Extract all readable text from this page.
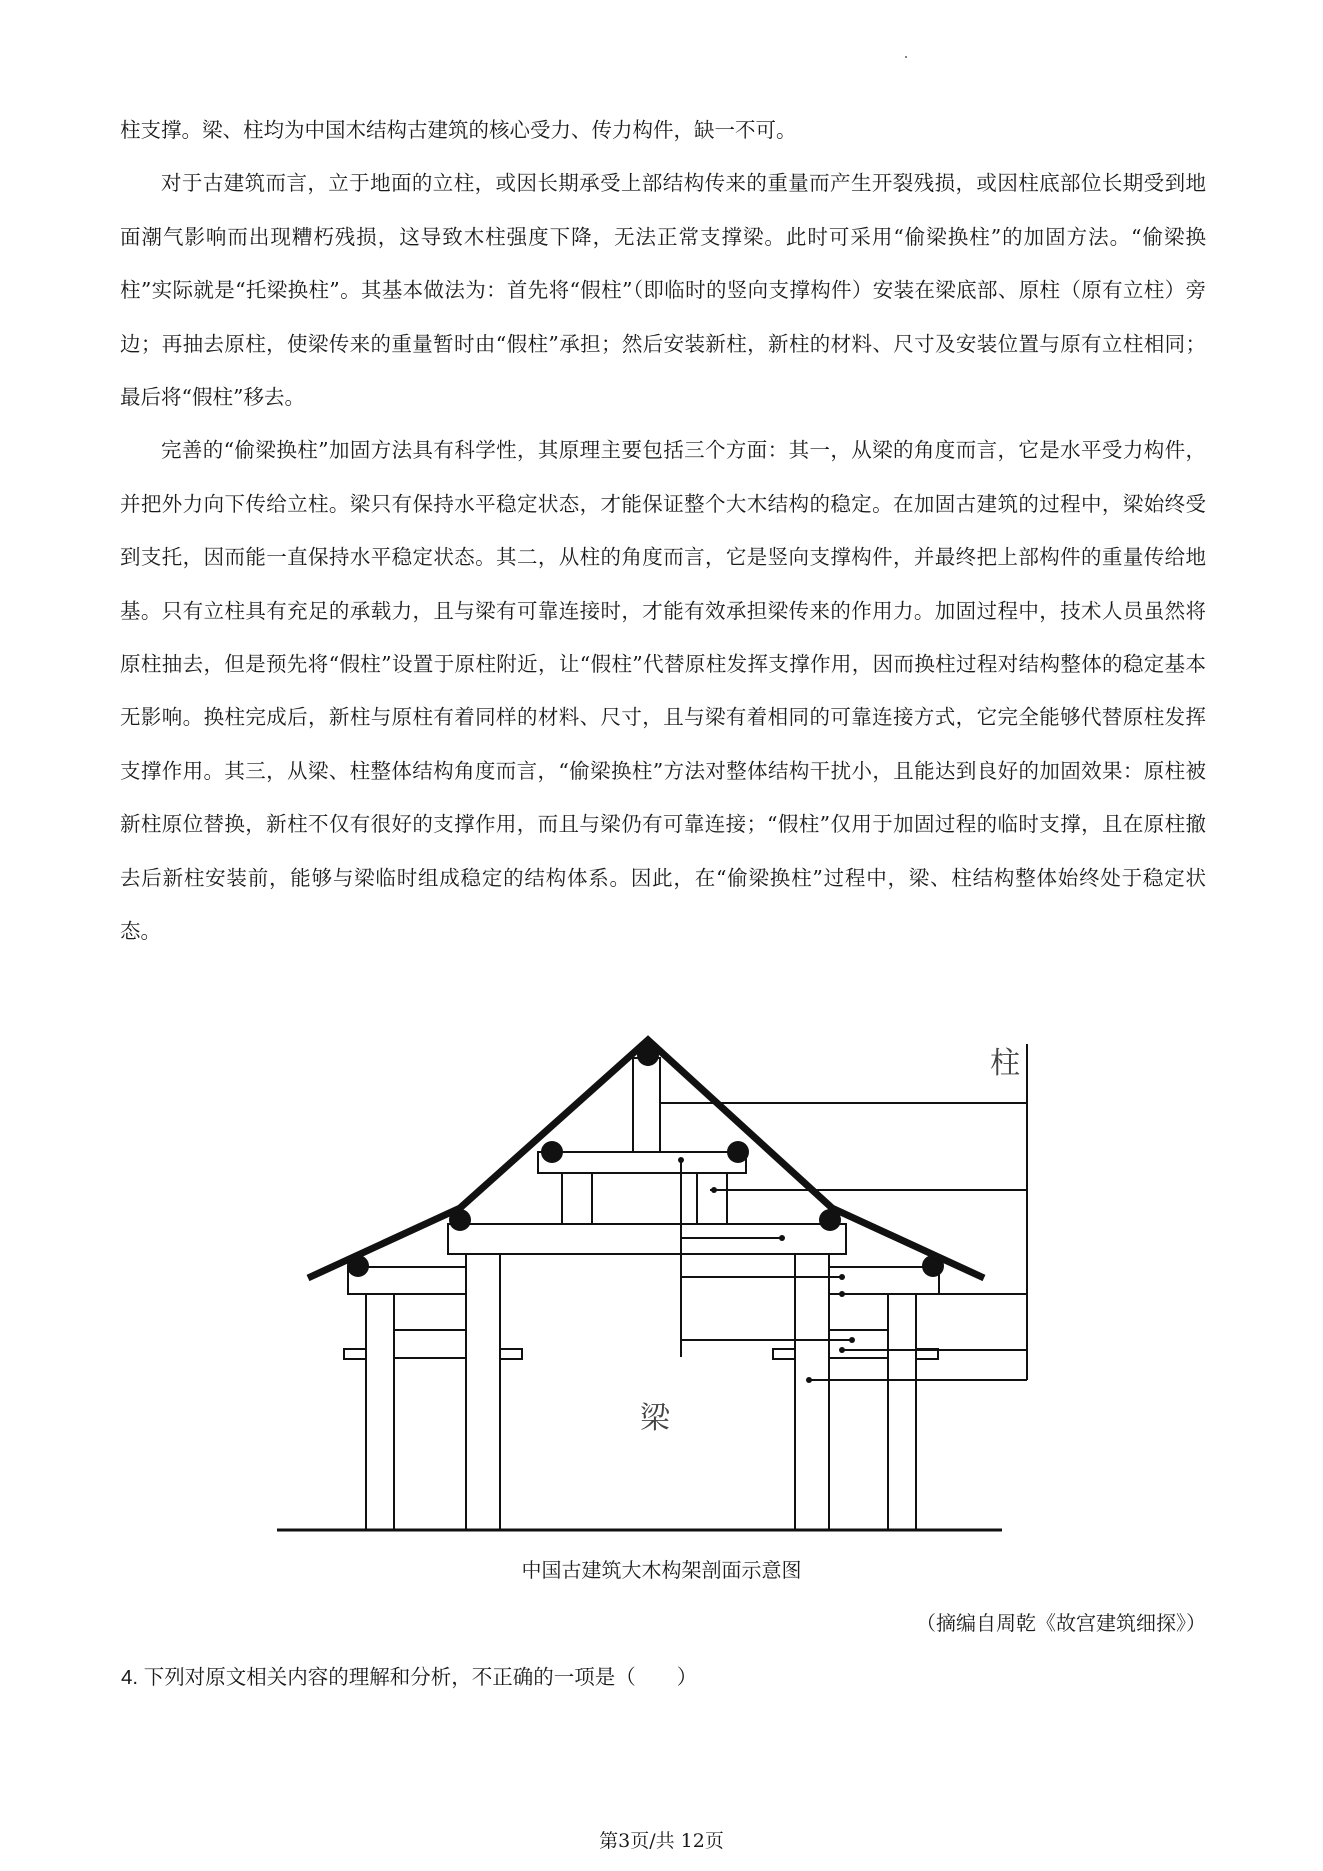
柱支撑。梁、柱均为中国木结构古建筑的核心受力、传力构件，缺一不可。

对于古建筑而言，立于地面的立柱，或因长期承受上部结构传来的重量而产生开裂残损，或因柱底部位长期受到地面潮气影响而出现糟朽残损，这导致木柱强度下降，无法正常支撑梁。此时可采用“偷梁换柱”的加固方法。“偷梁换柱”实际就是“托梁换柱”。其基本做法为：首先将“假柱”（即临时的竖向支撑构件）安装在梁底部、原柱（原有立柱）旁边；再抽去原柱，使梁传来的重量暂时由“假柱”承担；然后安装新柱，新柱的材料、尺寸及安装位置与原有立柱相同；最后将“假柱”移去。

完善的“偷梁换柱”加固方法具有科学性，其原理主要包括三个方面：其一，从梁的角度而言，它是水平受力构件，并把外力向下传给立柱。梁只有保持水平稳定状态，才能保证整个大木结构的稳定。在加固古建筑的过程中，梁始终受到支托，因而能一直保持水平稳定状态。其二，从柱的角度而言，它是竖向支撑构件，并最终把上部构件的重量传给地基。只有立柱具有充足的承载力，且与梁有可靠连接时，才能有效承担梁传来的作用力。加固过程中，技术人员虽然将原柱抽去，但是预先将“假柱”设置于原柱附近，让“假柱”代替原柱发挥支撑作用，因而换柱过程对结构整体的稳定基本无影响。换柱完成后，新柱与原柱有着同样的材料、尺寸，且与梁有着相同的可靠连接方式，它完全能够代替原柱发挥支撑作用。其三，从梁、柱整体结构角度而言，“偷梁换柱”方法对整体结构干扰小，且能达到良好的加固效果：原柱被新柱原位替换，新柱不仅有很好的支撑作用，而且与梁仍有可靠连接；“假柱”仅用于加固过程的临时支撑，且在原柱撤去后新柱安装前，能够与梁临时组成稳定的结构体系。因此，在“偷梁换柱”过程中，梁、柱结构整体始终处于稳定状态。

柱
梁
中国古建筑大木构架剖面示意图
（摘编自周乾《故宫建筑细探》）
4. 下列对原文相关内容的理解和分析，不正确的一项是（　　）
第3页/共 12页
